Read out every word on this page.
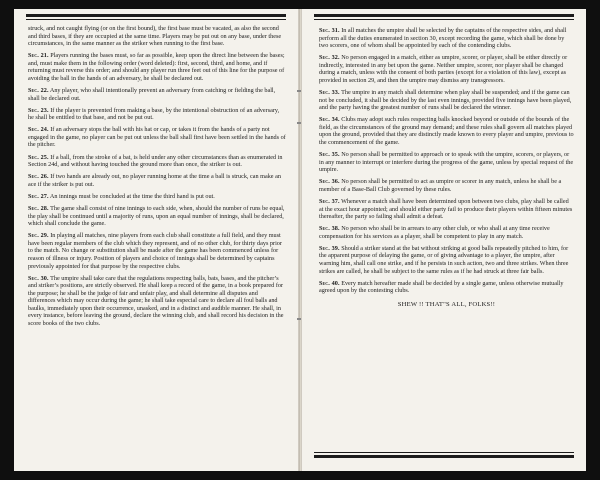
struck, and not caught flying (or on the first bound), the first base must be vacated, as also the second and third bases, if they are occupied at the same time. Players may be put out on any base, under these circumstances, in the same manner as the striker when running to the first base.

Sec. 21. Players running the bases must, so far as possible, keep upon the direct line between the bases; and, must make them in the following order (word deleted): first, second, third, and home, and if returning must reverse this order; and should any player run three feet out of this line for the purpose of avoiding the ball in the hands of an adversary, he shall be declared out.

Sec. 22. Any player, who shall intentionally prevent an adversary from catching or fielding the ball, shall be declared out.

Sec. 23. If the player is prevented from making a base, by the intentional obstruction of an adversary, he shall be entitled to that base, and not be put out.

Sec. 24. If an adversary stops the ball with his hat or cap, or takes it from the hands of a party not engaged in the game, no player can be put out unless the ball shall first have been settled in the hands of the pitcher.

Sec. 25. If a ball, from the stroke of a bat, is held under any other circumstances than as enumerated in Section 24d, and without having touched the ground more than once, the striker is out.

Sec. 26. If two hands are already out, no player running home at the time a ball is struck, can make an ace if the striker is put out.

Sec. 27. An innings must be concluded at the time the third hand is put out.

Sec. 28. The game shall consist of nine innings to each side, when, should the number of runs be equal, the play shall be continued until a majority of runs, upon an equal number of innings, shall be declared, which shall conclude the game.

Sec. 29. In playing all matches, nine players from each club shall constitute a full field, and they must have been regular members of the club which they represent, and of no other club, for thirty days prior to the match. No change or substitution shall be made after the game has been commenced unless for reason of illness or injury. Position of players and choice of innings shall be determined by captains previously appointed for that purpose by the respective clubs.

Sec. 30. The umpire shall take care that the regulations respecting balls, bats, bases, and the pitcher’s and striker’s positions, are strictly observed. He shall keep a record of the game, in a book prepared for the purpose; he shall be the judge of fair and unfair play, and shall determine all disputes and differences which may occur during the game; he shall take especial care to declare all foul balls and baulks, immediately upon their occurrence, unasked, and in a distinct and audible manner. He shall, in every instance, before leaving the ground, declare the winning club, and shall record his decision in the score books of the two clubs.

Sec. 31. In all matches the umpire shall be selected by the captains of the respective sides, and shall perform all the duties enumerated in section 30, except recording the game, which shall be done by two scorers, one of whom shall be appointed by each of the contending clubs.

Sec. 32. No person engaged in a match, either as umpire, scorer, or player, shall be either directly or indirectly, interested in any bet upon the game. Neither umpire, scorer, nor player shall be changed during a match, unless with the consent of both parties (except for a violation of this law), except as provided in section 29, and then the umpire may dismiss any transgressors.

Sec. 33. The umpire in any match shall determine when play shall be suspended; and if the game can not be concluded, it shall be decided by the last even innings, provided five innings have been played, and the party having the greatest number of runs shall be declared the winner.

Sec. 34. Clubs may adopt such rules respecting balls knocked beyond or outside of the bounds of the field, as the circumstances of the ground may demand; and these rules shall govern all matches played upon the ground, provided that they are distinctly made known to every player and umpire, previous to the commencement of the game.

Sec. 35. No person shall be permitted to approach or to speak with the umpire, scorers, or players, or in any manner to interrupt or interfere during the progress of the game, unless by special request of the umpire.

Sec. 36. No person shall be permitted to act as umpire or scorer in any match, unless he shall be a member of a Base-Ball Club governed by these rules.

Sec. 37. Whenever a match shall have been determined upon between two clubs, play shall be called at the exact hour appointed; and should either party fail to produce their players within fifteen minutes thereafter, the party so failing shall admit a defeat.

Sec. 38. No person who shall be in arrears to any other club, or who shall at any time receive compensation for his services as a player, shall be competent to play in any match.

Sec. 39. Should a striker stand at the bat without striking at good balls repeatedly pitched to him, for the apparent purpose of delaying the game, or of giving advantage to a player, the umpire, after warning him, shall call one strike, and if he persists in such action, two and three strikes. When three strikes are called, he shall be subject to the same rules as if he had struck at three fair balls.

Sec. 40. Every match hereafter made shall be decided by a single game, unless otherwise mutually agreed upon by the contesting clubs.

SHEW !! THAT"S ALL, FOLKS!!
